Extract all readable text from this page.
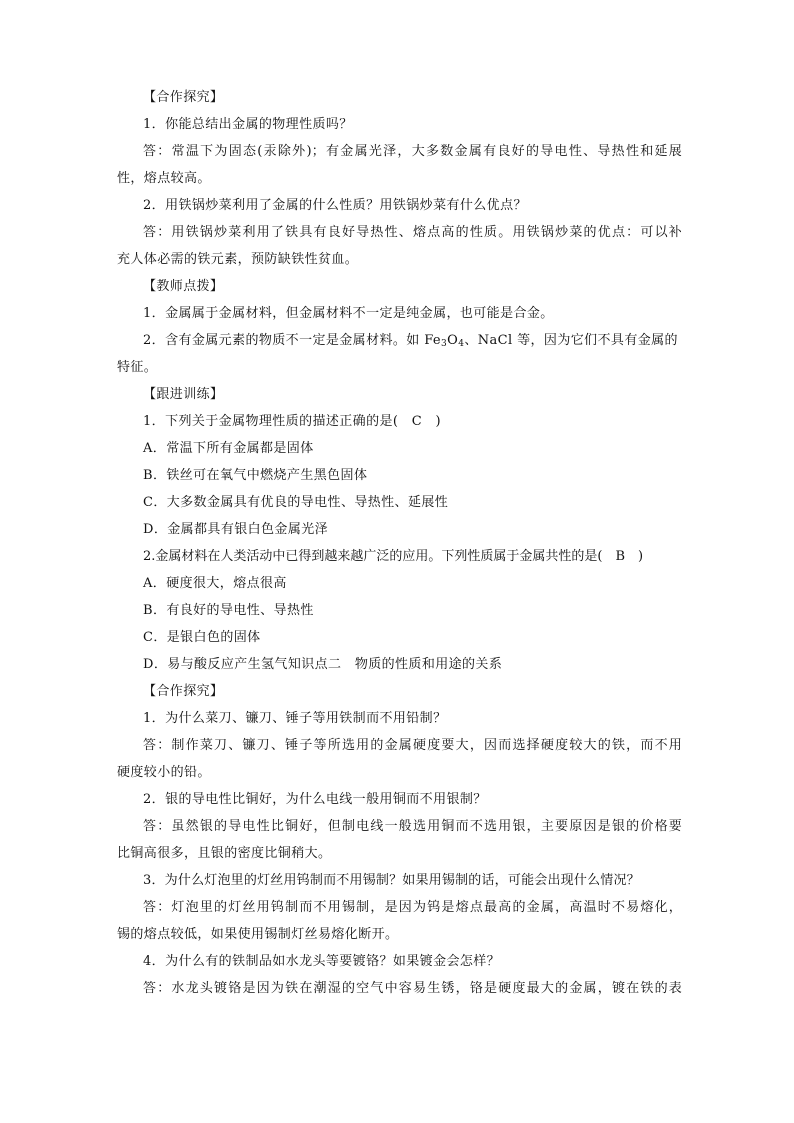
【合作探究】
1．你能总结出金属的物理性质吗？
答：常温下为固态(汞除外)；有金属光泽，大多数金属有良好的导电性、导热性和延展
性，熔点较高。
2．用铁锅炒菜利用了金属的什么性质？用铁锅炒菜有什么优点？
答：用铁锅炒菜利用了铁具有良好导热性、熔点高的性质。用铁锅炒菜的优点：可以补
充人体必需的铁元素，预防缺铁性贫血。
【教师点拨】
1．金属属于金属材料，但金属材料不一定是纯金属，也可能是合金。
2．含有金属元素的物质不一定是金属材料。如 $Fe_3O_4$、NaCl 等，因为它们不具有金属的
特征。
【跟进训练】
1．下列关于金属物理性质的描述正确的是(　C　)
A．常温下所有金属都是固体
B．铁丝可在氧气中燃烧产生黑色固体
C．大多数金属具有优良的导电性、导热性、延展性
D．金属都具有银白色金属光泽
2.金属材料在人类活动中已得到越来越广泛的应用。下列性质属于金属共性的是(　B　)
A．硬度很大，熔点很高
B．有良好的导电性、导热性
C．是银白色的固体
D．易与酸反应产生氢气知识点二　物质的性质和用途的关系
【合作探究】
1．为什么菜刀、镰刀、锤子等用铁制而不用铅制？
答：制作菜刀、镰刀、锤子等所选用的金属硬度要大，因而选择硬度较大的铁，而不用
硬度较小的铅。
2．银的导电性比铜好，为什么电线一般用铜而不用银制？
答：虽然银的导电性比铜好，但制电线一般选用铜而不选用银，主要原因是银的价格要
比铜高很多，且银的密度比铜稍大。
3．为什么灯泡里的灯丝用钨制而不用锡制？如果用锡制的话，可能会出现什么情况？
答：灯泡里的灯丝用钨制而不用锡制，是因为钨是熔点最高的金属，高温时不易熔化，
锡的熔点较低，如果使用锡制灯丝易熔化断开。
4．为什么有的铁制品如水龙头等要镀铬？如果镀金会怎样？
答：水龙头镀铬是因为铁在潮湿的空气中容易生锈，铬是硬度最大的金属，镀在铁的表
